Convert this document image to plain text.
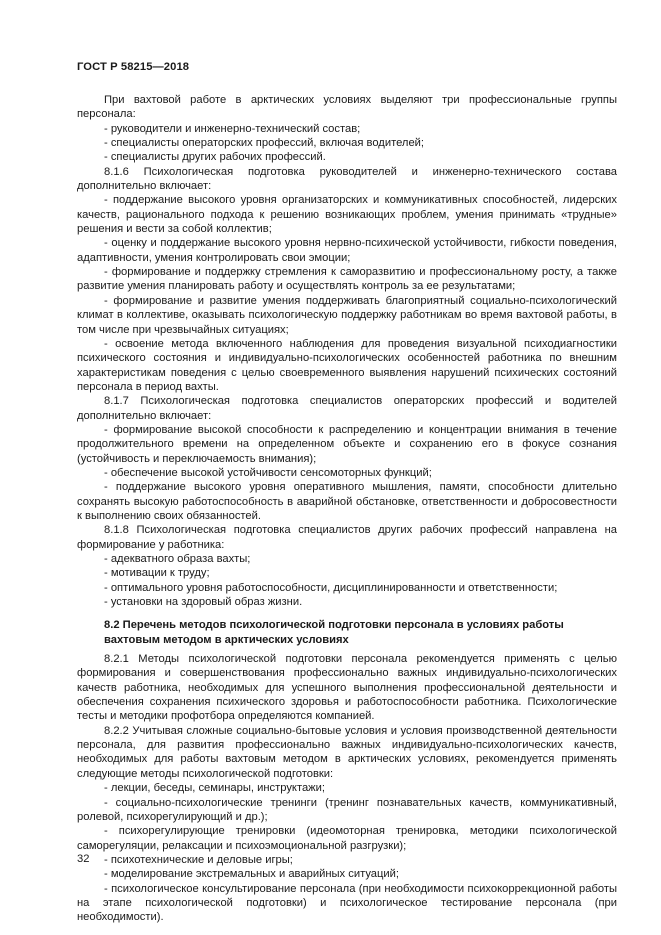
ГОСТ Р 58215—2018

При вахтовой работе в арктических условиях выделяют три профессиональные группы персонала:

- руководители и инженерно-технический состав;

- специалисты операторских профессий, включая водителей;

- специалисты других рабочих профессий.

8.1.6 Психологическая подготовка руководителей и инженерно-технического состава дополнительно включает:

- поддержание высокого уровня организаторских и коммуникативных способностей, лидерских качеств, рационального подхода к решению возникающих проблем, умения принимать «трудные» решения и вести за собой коллектив;

- оценку и поддержание высокого уровня нервно-психической устойчивости, гибкости поведения, адаптивности, умения контролировать свои эмоции;

- формирование и поддержку стремления к саморазвитию и профессиональному росту, а также развитие умения планировать работу и осуществлять контроль за ее результатами;

- формирование и развитие умения поддерживать благоприятный социально-психологический климат в коллективе, оказывать психологическую поддержку работникам во время вахтовой работы, в том числе при чрезвычайных ситуациях;

- освоение метода включенного наблюдения для проведения визуальной психодиагностики психического состояния и индивидуально-психологических особенностей работника по внешним характеристикам поведения с целью своевременного выявления нарушений психических состояний персонала в период вахты.

8.1.7 Психологическая подготовка специалистов операторских профессий и водителей дополнительно включает:

- формирование высокой способности к распределению и концентрации внимания в течение продолжительного времени на определенном объекте и сохранению его в фокусе сознания (устойчивость и переключаемость внимания);

- обеспечение высокой устойчивости сенсомоторных функций;

- поддержание высокого уровня оперативного мышления, памяти, способности длительно сохранять высокую работоспособность в аварийной обстановке, ответственности и добросовестности к выполнению своих обязанностей.

8.1.8 Психологическая подготовка специалистов других рабочих профессий направлена на формирование у работника:

- адекватного образа вахты;

- мотивации к труду;

- оптимального уровня работоспособности, дисциплинированности и ответственности;

- установки на здоровый образ жизни.

8.2 Перечень методов психологической подготовки персонала в условиях работы
вахтовым методом в арктических условиях

8.2.1 Методы психологической подготовки персонала рекомендуется применять с целью формирования и совершенствования профессионально важных индивидуально-психологических качеств работника, необходимых для успешного выполнения профессиональной деятельности и обеспечения сохранения психического здоровья и работоспособности работника. Психологические тесты и методики профотбора определяются компанией.

8.2.2 Учитывая сложные социально-бытовые условия и условия производственной деятельности персонала, для развития профессионально важных индивидуально-психологических качеств, необходимых для работы вахтовым методом в арктических условиях, рекомендуется применять следующие методы психологической подготовки:

- лекции, беседы, семинары, инструктажи;

- социально-психологические тренинги (тренинг познавательных качеств, коммуникативный, ролевой, психорегулирующий и др.);

- психорегулирующие тренировки (идеомоторная тренировка, методики психологической саморегуляции, релаксации и психоэмоциональной разгрузки);

- психотехнические и деловые игры;

- моделирование экстремальных и аварийных ситуаций;

- психологическое консультирование персонала (при необходимости психокоррекционной работы на этапе психологической подготовки) и психологическое тестирование персонала (при необходимости).

32
